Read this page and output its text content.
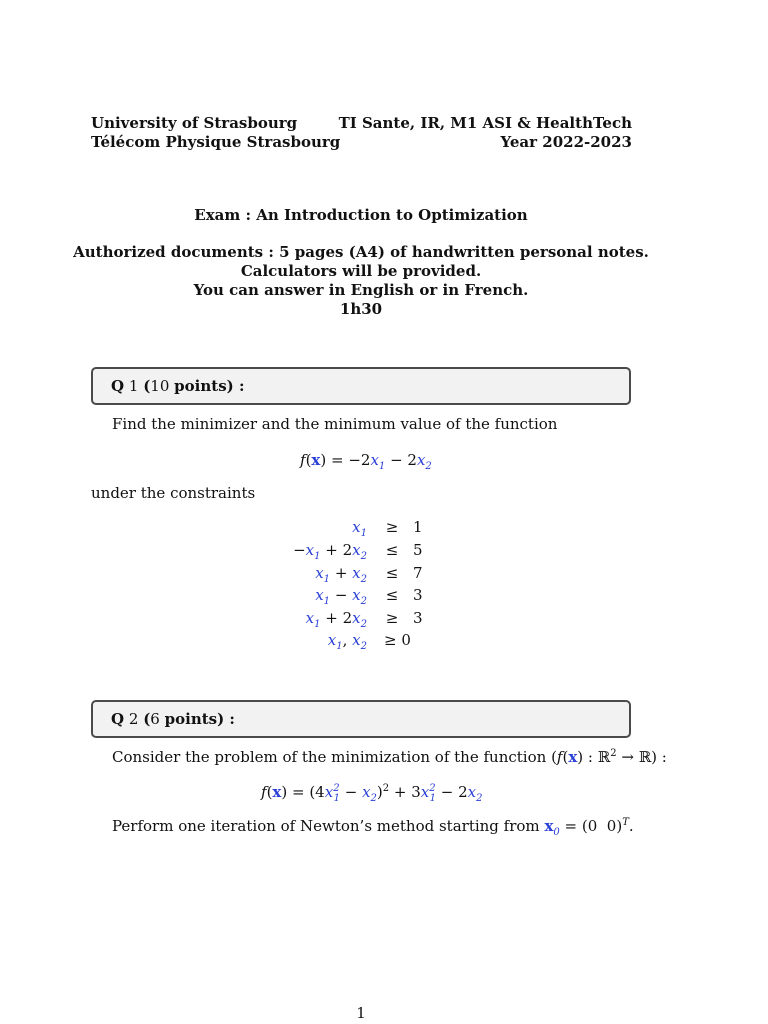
University of Strasbourg
Télécom Physique Strasbourg
TI Sante, IR, M1 ASI & HealthTech
Year 2022-2023
Exam : An Introduction to Optimization
Authorized documents : 5 pages (A4) of handwritten personal notes.
Calculators will be provided.
You can answer in English or in French.
1h30
Q 1 (10 points) :
Find the minimizer and the minimum value of the function
$f(x) = -2x_1 - 2x_2$
under the constraints
$x_1 \ge 1$
$-x_1 + 2x_2 \le 5$
$x_1 + x_2 \le 7$
$x_1 - x_2 \le 3$
$x_1 + 2x_2 \ge 3$
$x_1$, $x_2 \ge 0$
Q 2 (6 points) :
Consider the problem of the minimization of the function (f(x) : ℝ$^2$ → ℝ) :
$f(x) = (4x^2_1 - x_2)^2 + 3x^2_1 - 2x_2$
Perform one iteration of Newton’s method starting from $x_0 = (0$  0)$^T$.
1
